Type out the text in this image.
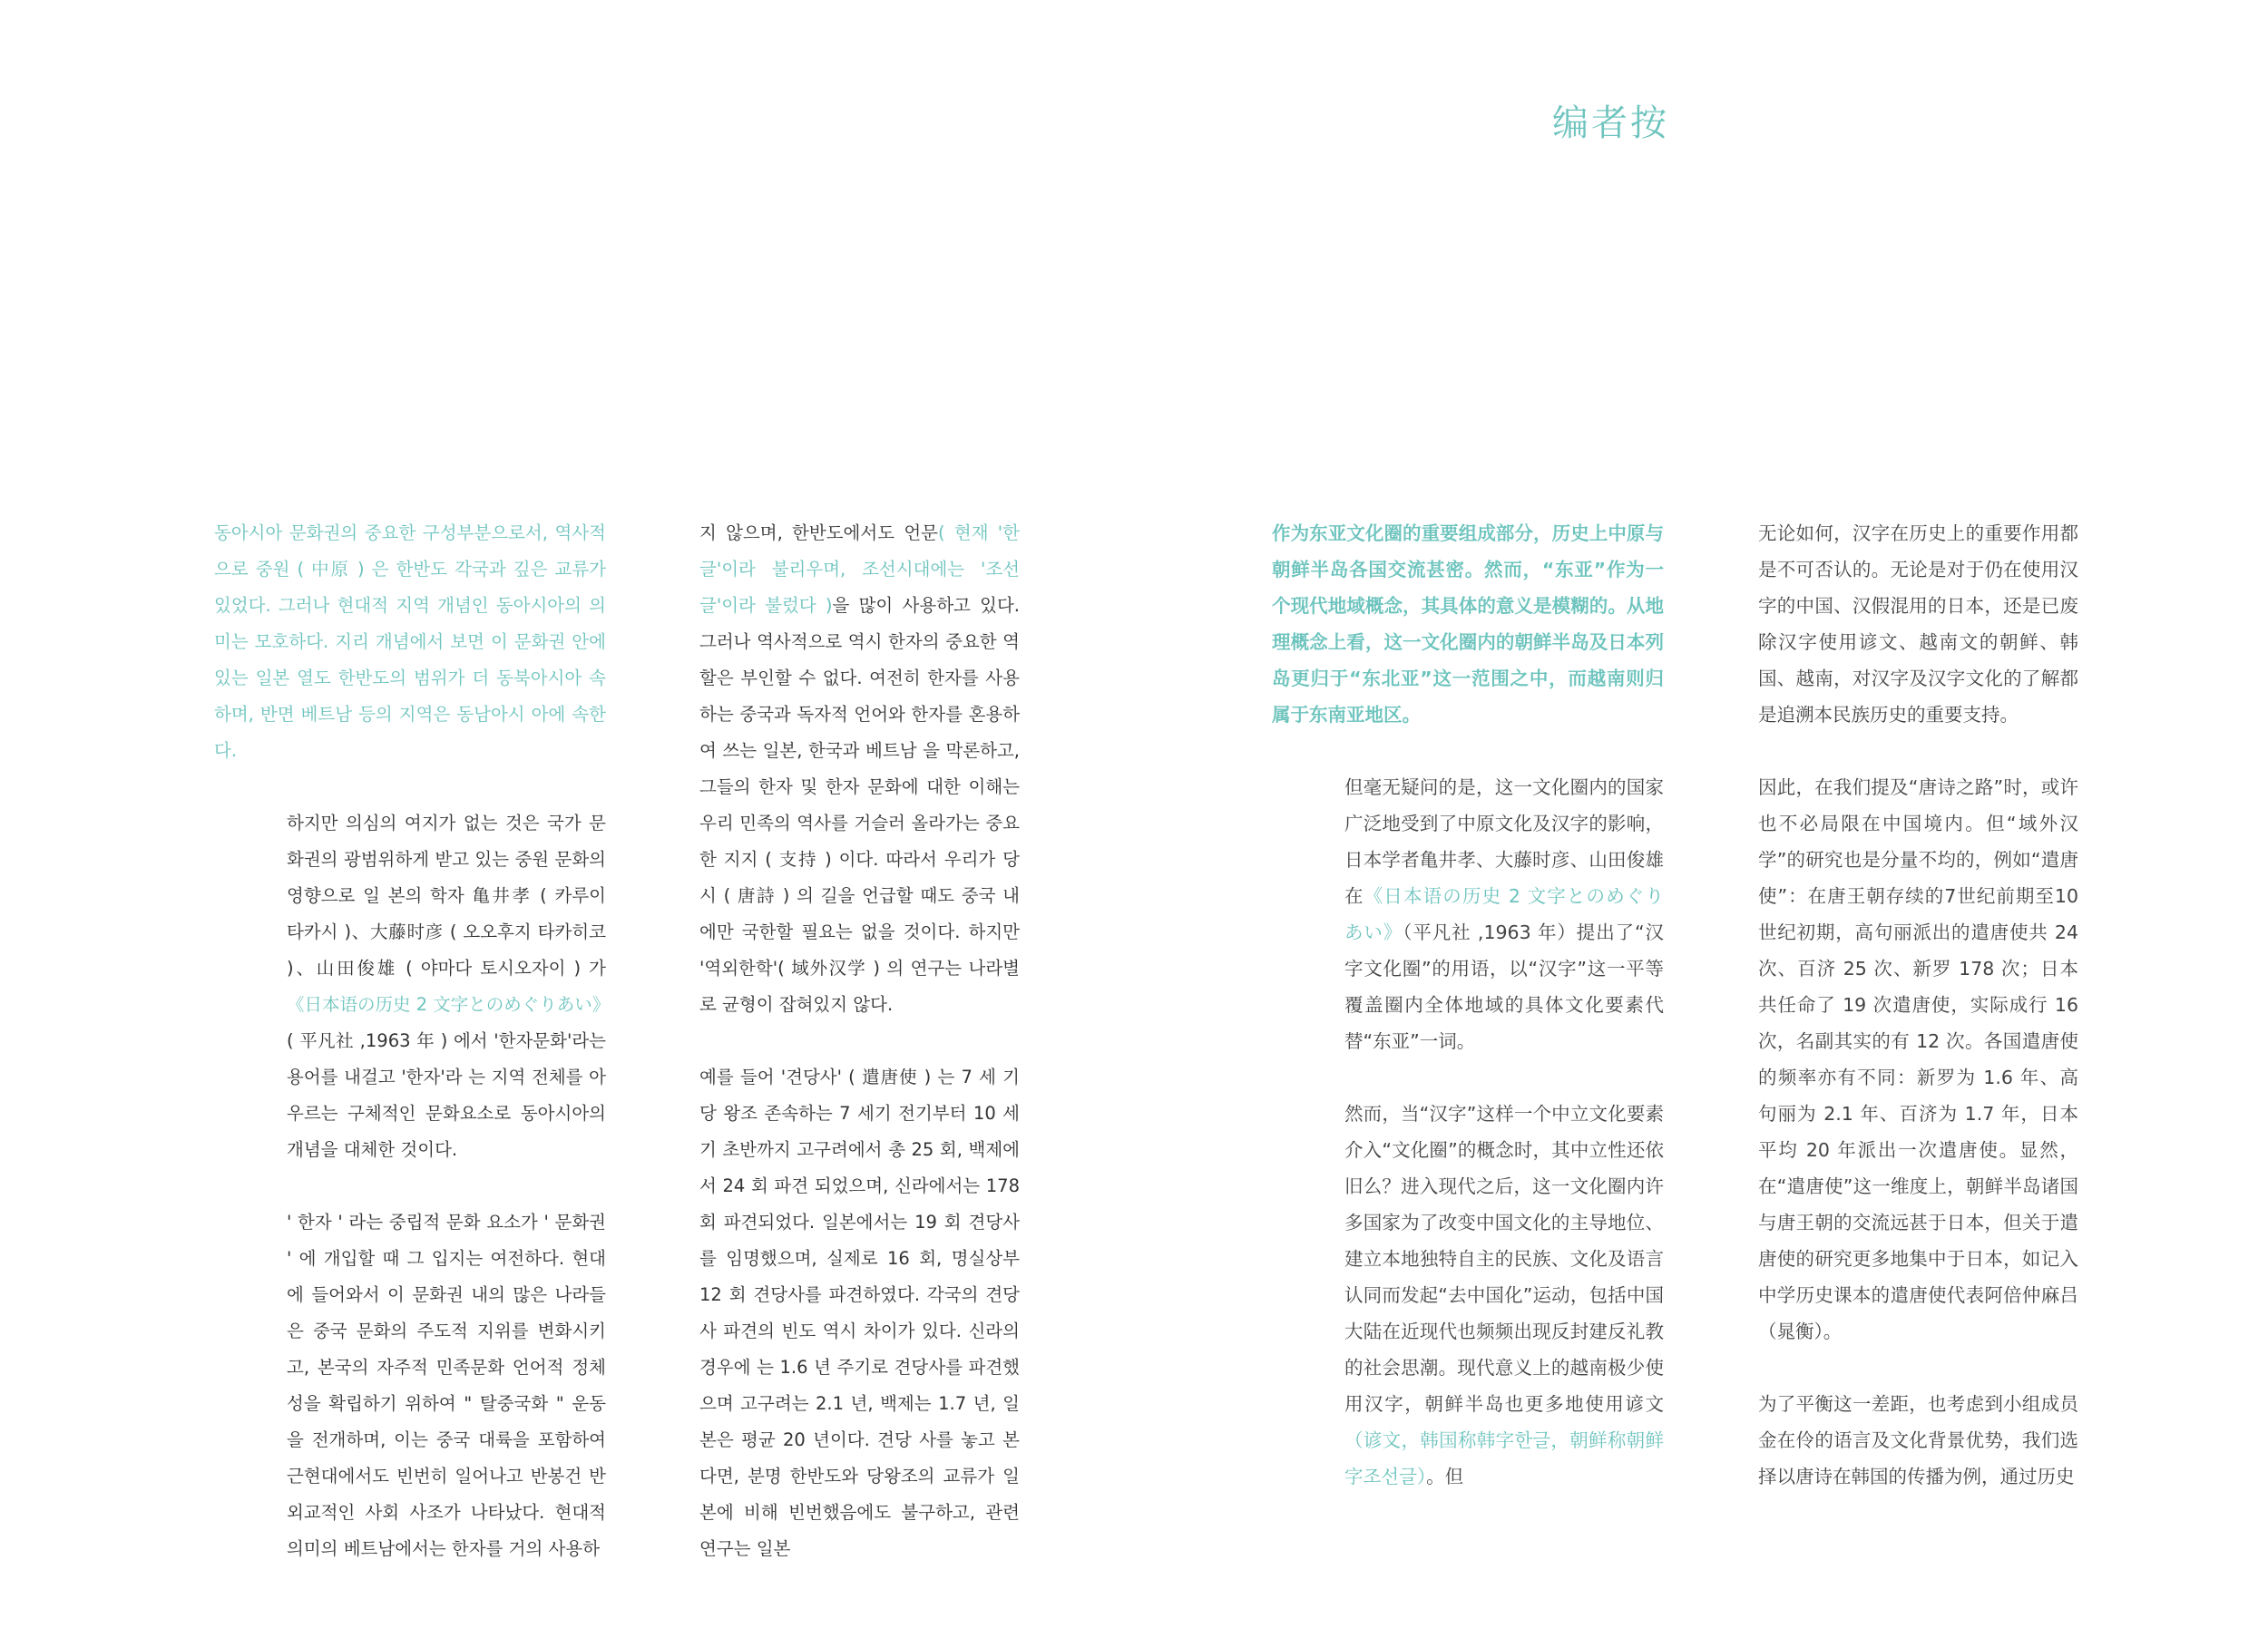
编者按

동아시아 문화권의 중요한 구성부분으로서, 역사적으로 중원 ( 中原 ) 은 한반도 각국과 깊은 교류가 있었다. 그러나 현대적 지역 개념인 동아시아의 의미는 모호하다. 지리 개념에서 보면 이 문화권 안에 있는 일본 열도 한반도의 범위가 더 동북아시아 속하며, 반면 베트남 등의 지역은 동남아시 아에 속한다.

하지만 의심의 여지가 없는 것은 국가 문화권의 광범위하게 받고 있는 중원 문화의 영향으로 일 본의 학자 亀井孝 ( 카루이 타카시 )、大藤时彦 ( 오오후지 타카히코 )、山田俊雄 ( 야마다 토시오자이 ) 가《日本语の历史 2 文字とのめぐりあい》( 平凡社 ,1963 年 ) 에서 '한자문화'라는 용어를 내걸고 '한자'라 는 지역 전체를 아우르는 구체적인 문화요소로 동아시아의 개념을 대체한 것이다.

' 한자 ' 라는 중립적 문화 요소가 ' 문화권 ' 에 개입할 때 그 입지는 여전하다. 현대에 들어와서 이 문화권 내의 많은 나라들은 중국 문화의 주도적 지위를 변화시키고, 본국의 자주적 민족문화 언어적 정체성을 확립하기 위하여 " 탈중국화 " 운동을 전개하며, 이는 중국 대륙을 포함하여 근현대에서도 빈번히 일어나고 반봉건 반외교적인 사회 사조가 나타났다. 현대적 의미의 베트남에서는 한자를 거의 사용하

지 않으며, 한반도에서도 언문( 현재 '한글'이라 불리우며, 조선시대에는 '조선 글'이라 불렀다 )을 많이 사용하고 있다. 그러나 역사적으로 역시 한자의 중요한 역할은 부인할 수 없다. 여전히 한자를 사용하는 중국과 독자적 언어와 한자를 혼용하여 쓰는 일본, 한국과 베트남 을 막론하고, 그들의 한자 및 한자 문화에 대한 이해는 우리 민족의 역사를 거슬러 올라가는 중요한 지지 ( 支持 ) 이다. 따라서 우리가 당시 ( 唐詩 ) 의 길을 언급할 때도 중국 내에만 국한할 필요는 없을 것이다. 하지만 '역외한학'( 域外汉学 ) 의 연구는 나라별로 균형이 잡혀있지 않다.

예를 들어 '견당사' ( 遣唐使 ) 는 7 세 기 당 왕조 존속하는 7 세기 전기부터 10 세기 초반까지 고구려에서 총 25 회, 백제에서 24 회 파견 되었으며, 신라에서는 178 회 파견되었다. 일본에서는 19 회 견당사를 임명했으며, 실제로 16 회, 명실상부 12 회 견당사를 파견하였다. 각국의 견당사 파견의 빈도 역시 차이가 있다. 신라의 경우에 는 1.6 년 주기로 견당사를 파견했으며 고구려는 2.1 년, 백제는 1.7 년, 일본은 평균 20 년이다. 견당 사를 놓고 본다면, 분명 한반도와 당왕조의 교류가 일본에 비해 빈번했음에도 불구하고, 관련 연구는 일본

作为东亚文化圈的重要组成部分，历史上中原与朝鲜半岛各国交流甚密。然而，“东亚”作为一个现代地域概念，其具体的意义是模糊的。从地理概念上看，这一文化圈内的朝鲜半岛及日本列岛更归于“东北亚”这一范围之中，而越南则归属于东南亚地区。

但毫无疑问的是，这一文化圈内的国家广泛地受到了中原文化及汉字的影响，日本学者亀井孝、大藤时彦、山田俊雄在《日本语の历史 2 文字とのめぐりあい》（平凡社 ,1963 年）提出了“汉字文化圈”的用语，以“汉字”这一平等覆盖圈内全体地域的具体文化要素代替“东亚”一词。

然而，当“汉字”这样一个中立文化要素介入“文化圈”的概念时，其中立性还依旧么？进入现代之后，这一文化圈内许多国家为了改变中国文化的主导地位、建立本地独特自主的民族、文化及语言认同而发起“去中国化”运动，包括中国大陆在近现代也频频出现反封建反礼教的社会思潮。现代意义上的越南极少使用汉字，朝鲜半岛也更多地使用谚文（谚文，韩国称韩字한글，朝鲜称朝鲜字조선글）。但

无论如何，汉字在历史上的重要作用都是不可否认的。无论是对于仍在使用汉字的中国、汉假混用的日本，还是已废除汉字使用谚文、越南文的朝鲜、韩国、越南，对汉字及汉字文化的了解都是追溯本民族历史的重要支持。

因此，在我们提及“唐诗之路”时，或许也不必局限在中国境内。但“域外汉学”的研究也是分量不均的，例如“遣唐使”：在唐王朝存续的7世纪前期至10世纪初期，高句丽派出的遣唐使共 24 次、百济 25 次、新罗 178 次；日本共任命了 19 次遣唐使，实际成行 16 次，名副其实的有 12 次。各国遣唐使的频率亦有不同：新罗为 1.6 年、高句丽为 2.1 年、百济为 1.7 年，日本平均 20 年派出一次遣唐使。显然，在“遣唐使”这一维度上，朝鲜半岛诸国与唐王朝的交流远甚于日本，但关于遣唐使的研究更多地集中于日本，如记入中学历史课本的遣唐使代表阿倍仲麻吕（晁衡）。

为了平衡这一差距，也考虑到小组成员金在伶的语言及文化背景优势，我们选择以唐诗在韩国的传播为例，通过历史
